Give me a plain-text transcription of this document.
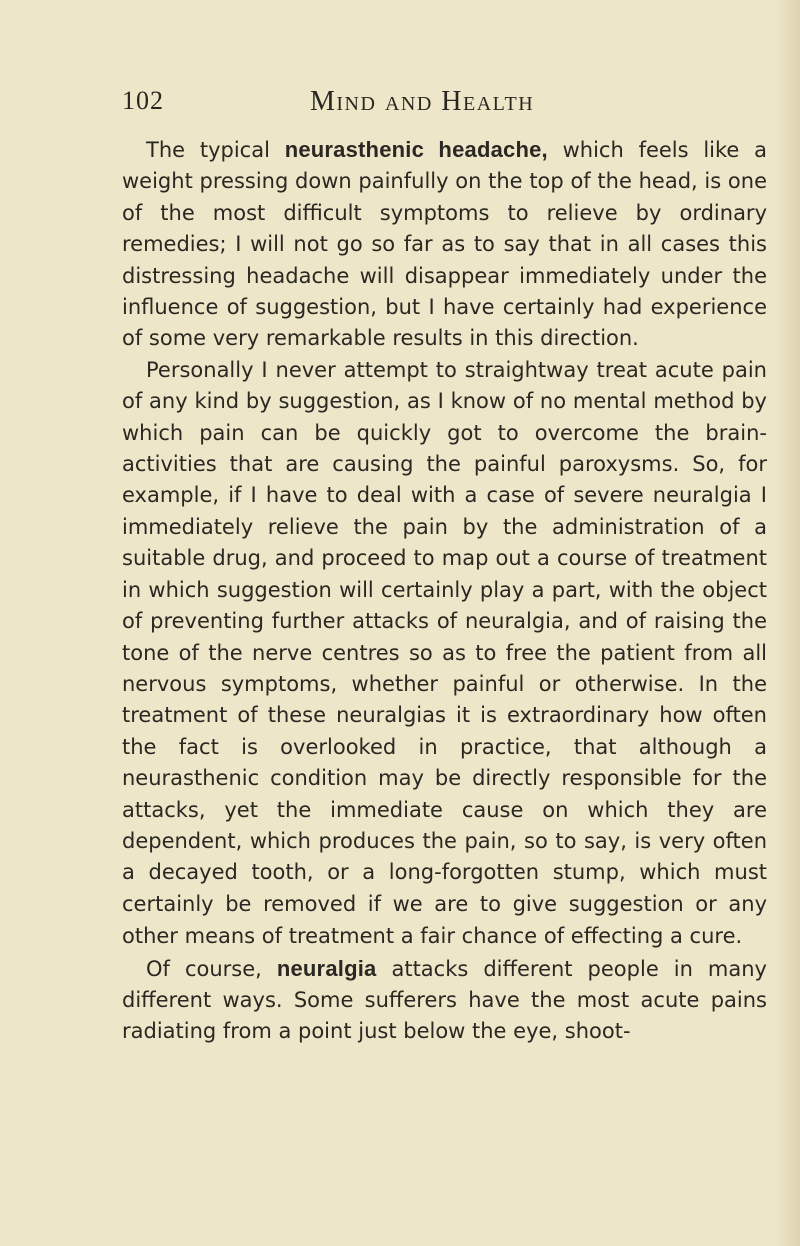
102	Mind and Health

The typical neurasthenic headache, which feels like a weight pressing down painfully on the top of the head, is one of the most difficult symptoms to relieve by ordinary remedies; I will not go so far as to say that in all cases this distressing headache will disappear immediately under the influence of suggestion, but I have certainly had experience of some very remarkable results in this direction.

Personally I never attempt to straightway treat acute pain of any kind by suggestion, as I know of no mental method by which pain can be quickly got to overcome the brain-activities that are causing the painful paroxysms. So, for example, if I have to deal with a case of severe neuralgia I immediately relieve the pain by the administration of a suitable drug, and proceed to map out a course of treatment in which suggestion will certainly play a part, with the object of preventing further attacks of neuralgia, and of raising the tone of the nerve centres so as to free the patient from all nervous symptoms, whether painful or otherwise. In the treatment of these neuralgias it is extraordinary how often the fact is overlooked in practice, that although a neurasthenic condition may be directly responsible for the attacks, yet the immediate cause on which they are dependent, which produces the pain, so to say, is very often a decayed tooth, or a long-forgotten stump, which must certainly be removed if we are to give suggestion or any other means of treatment a fair chance of effecting a cure.

Of course, neuralgia attacks different people in many different ways. Some sufferers have the most acute pains radiating from a point just below the eye, shoot-
